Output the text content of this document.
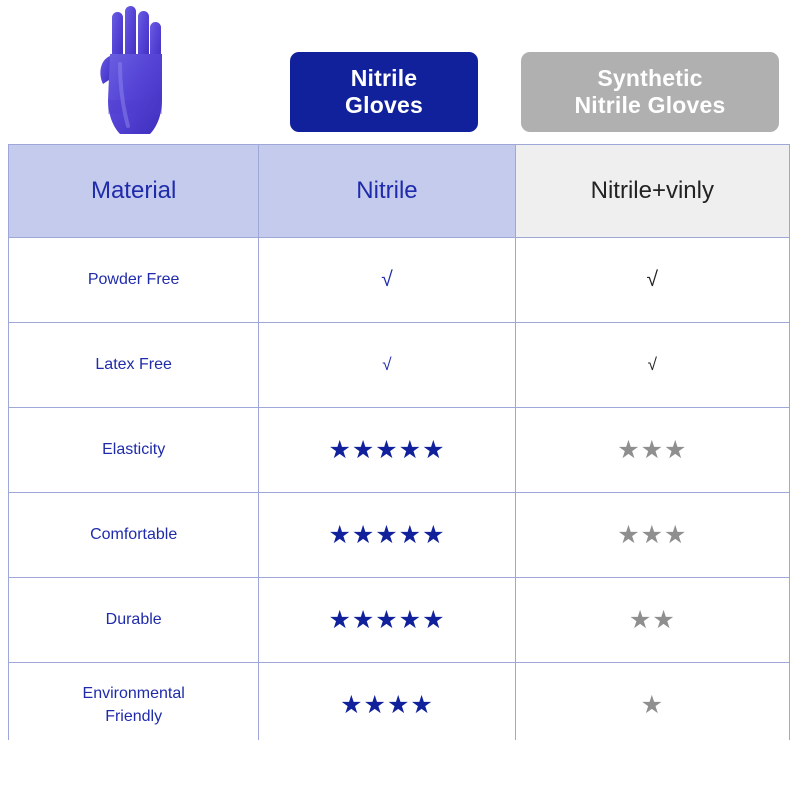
Nitrile
Gloves
Synthetic
Nitrile Gloves
Material	Nitrile	Nitrile+vinly
Powder Free	√	√
Latex Free	√	√
Elasticity	★★★★★	★★★
Comfortable	★★★★★	★★★
Durable	★★★★★	★★

Environmental
Friendly	★★★★	★
